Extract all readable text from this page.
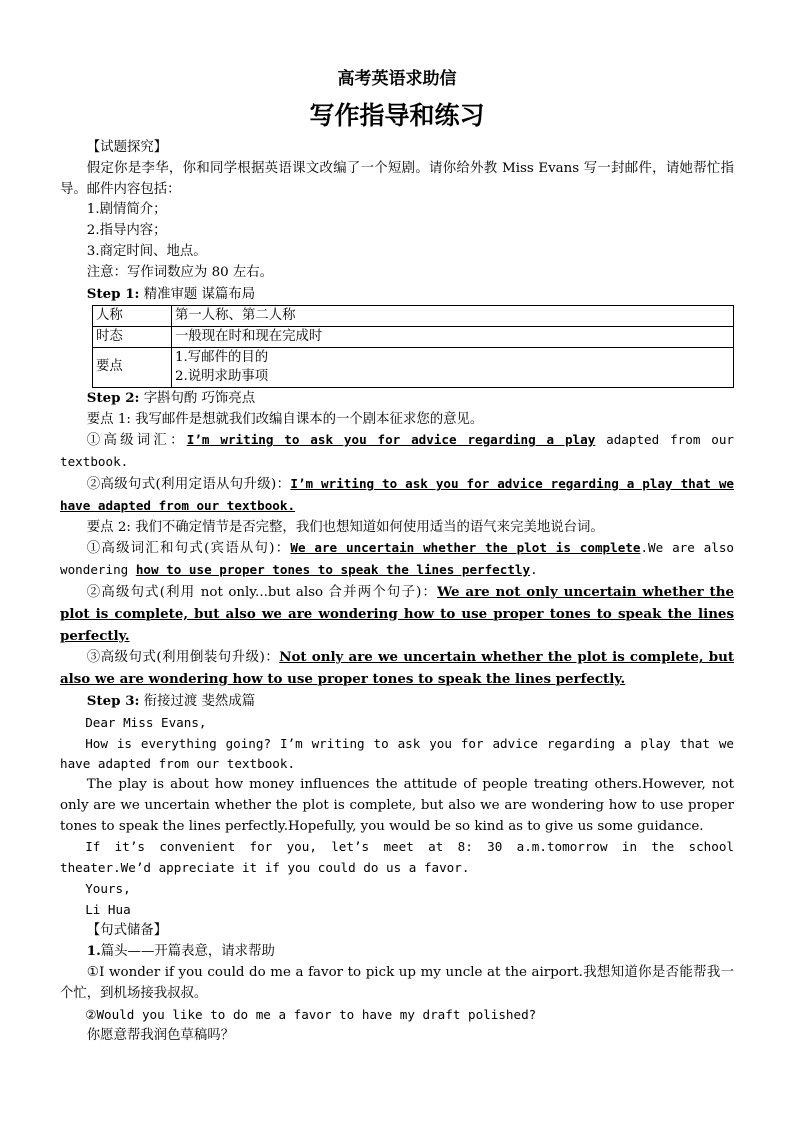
高考英语求助信
写作指导和练习
【试题探究】
假定你是李华，你和同学根据英语课文改编了一个短剧。请你给外教 Miss Evans 写一封邮件，请她帮忙指导。邮件内容包括：
1.剧情简介；
2.指导内容；
3.商定时间、地点。
注意：写作词数应为 80 左右。
Step 1: 精准审题 谋篇布局
人称	第一人称、第二人称
时态	一般现在时和现在完成时
要点	1.写邮件的目的
2.说明求助事项
Step 2: 字斟句酌 巧饰亮点
要点 1: 我写邮件是想就我们改编自课本的一个剧本征求您的意见。
①高级词汇：I’m writing to ask you for advice regarding a play adapted from our textbook.
②高级句式(利用定语从句升级)：I’m writing to ask you for advice regarding a play that we have adapted from our textbook.
要点 2: 我们不确定情节是否完整，我们也想知道如何使用适当的语气来完美地说台词。
①高级词汇和句式(宾语从句)：We are uncertain whether the plot is complete.We are also wondering how to use proper tones to speak the lines perfectly.
②高级句式(利用 not only...but also 合并两个句子)：We are not only uncertain whether the plot is complete, but also we are wondering how to use proper tones to speak the lines perfectly.
③高级句式(利用倒装句升级)：Not only are we uncertain whether the plot is complete, but also we are wondering how to use proper tones to speak the lines perfectly.
Step 3: 衔接过渡 斐然成篇
Dear Miss Evans,
How is everything going? I’m writing to ask you for advice regarding a play that we have adapted from our textbook.
The play is about how money influences the attitude of people treating others.However, not only are we uncertain whether the plot is complete, but also we are wondering how to use proper tones to speak the lines perfectly.Hopefully, you would be so kind as to give us some guidance.
If it’s convenient for you, let’s meet at 8: 30 a.m.tomorrow in the school theater.We’d appreciate it if you could do us a favor.
Yours,
Li Hua
【句式储备】
1.篇头——开篇表意，请求帮助
①I wonder if you could do me a favor to pick up my uncle at the airport.我想知道你是否能帮我一个忙，到机场接我叔叔。
②Would you like to do me a favor to have my draft polished?
你愿意帮我润色草稿吗？
